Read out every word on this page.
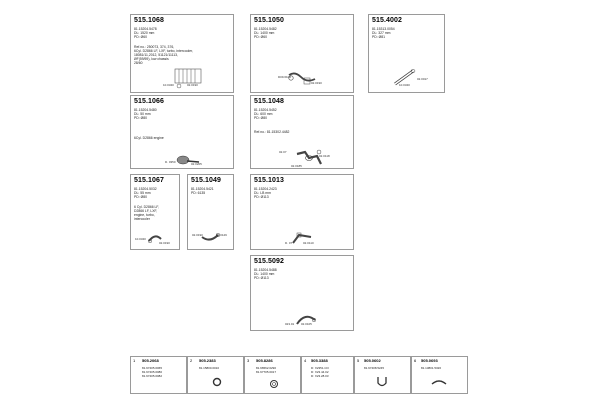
515.1068
81.15204.5478
DL: 1520 mm
PD: Ø60
Ref.no.: 250073, 374, 376,
6Cyl. D2866 LF, LXF, turbo, intercooler,
18081/11,2012, 51121/11113,
ØF(59/59), low chassis
28/60
10.0340	02.0190
515.1050
81.15204.5482
DL: 1400 mm
PD: Ø60
D09.6100
02.0190
515.4002
81.15313.0054
DL: 327 mm
PD: Ø81
10.0340
02.0017
515.1066
81.15204.5480
DL: 50 mm
PD: Ø80
6Cyl. D2866 engine
D. 0350	02.0205
515.1048
81.15204.5452
DL: 600 mm
PD: Ø80
Ref.no.: 81.15302.4482
02.07
02.0185
02.0118
515.1067
81.15204.5032
DL: 55 mm
PD: Ø80
6 Cyl. D2866 LF,
D2866 LF, LXF,
engine, turbo,
intercooler
10.0340
02.0190
515.1049
81.15204.5421
PD: 6135
02.0190	02.0129
515.1013
81.15204.2423
DL: LB mm
PD: Ø113
D. 07	02.0110
515.5092
81.15204.5488
DL: 1400 mm
PD: Ø113
023.01 02.0105
1 505.2068
81.97405.0065
81.97405.0080
81.97405.0082
2 505.2383
81.15800.0010
3 505.8286
81.96562.0290
81.97705.0017
4 505.3388
D: X2351.CO
D: X23.44.02
D: X23.28.03
5 505.0602
81.97408.5245
6 505.0693
81.13801.5326
